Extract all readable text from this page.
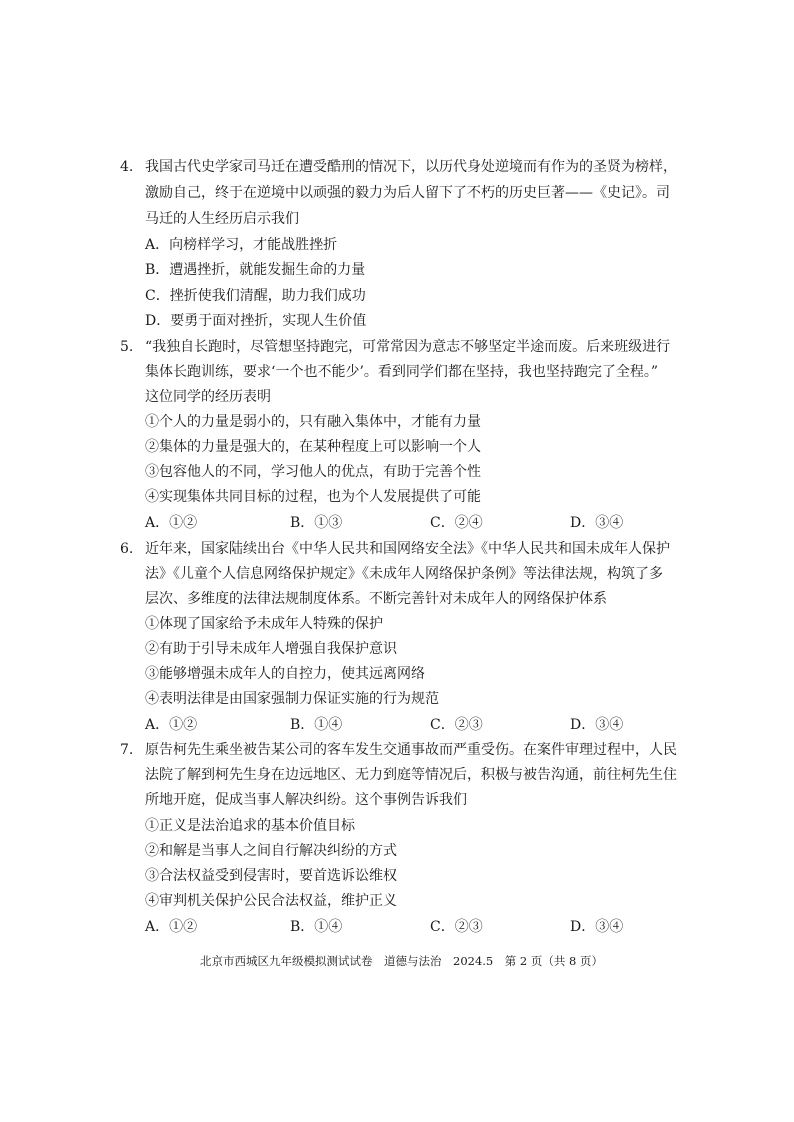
4. 我国古代史学家司马迁在遭受酷刑的情况下，以历代身处逆境而有作为的圣贤为榜样，
激励自己，终于在逆境中以顽强的毅力为后人留下了不朽的历史巨著——《史记》。司
马迁的人生经历启示我们
A．向榜样学习，才能战胜挫折
B．遭遇挫折，就能发掘生命的力量
C．挫折使我们清醒，助力我们成功
D．要勇于面对挫折，实现人生价值
5. “我独自长跑时，尽管想坚持跑完，可常常因为意志不够坚定半途而废。后来班级进行
集体长跑训练，要求‘一个也不能少’。看到同学们都在坚持，我也坚持跑完了全程。”
这位同学的经历表明
①个人的力量是弱小的，只有融入集体中，才能有力量
②集体的力量是强大的，在某种程度上可以影响一个人
③包容他人的不同，学习他人的优点，有助于完善个性
④实现集体共同目标的过程，也为个人发展提供了可能
A．①②	B．①③	C．②④	D．③④
6. 近年来，国家陆续出台《中华人民共和国网络安全法》《中华人民共和国未成年人保护
法》《儿童个人信息网络保护规定》《未成年人网络保护条例》等法律法规，构筑了多
层次、多维度的法律法规制度体系。不断完善针对未成年人的网络保护体系
①体现了国家给予未成年人特殊的保护
②有助于引导未成年人增强自我保护意识
③能够增强未成年人的自控力，使其远离网络
④表明法律是由国家强制力保证实施的行为规范
A．①②	B．①④	C．②③	D．③④
7. 原告柯先生乘坐被告某公司的客车发生交通事故而严重受伤。在案件审理过程中，人民
法院了解到柯先生身在边远地区、无力到庭等情况后，积极与被告沟通，前往柯先生住
所地开庭，促成当事人解决纠纷。这个事例告诉我们
①正义是法治追求的基本价值目标
②和解是当事人之间自行解决纠纷的方式
③合法权益受到侵害时，要首选诉讼维权
④审判机关保护公民合法权益，维护正义
A．①②	B．①④	C．②③	D．③④
北京市西城区九年级模拟测试试卷　道德与法治　2024.5　第 2 页（共 8 页）
